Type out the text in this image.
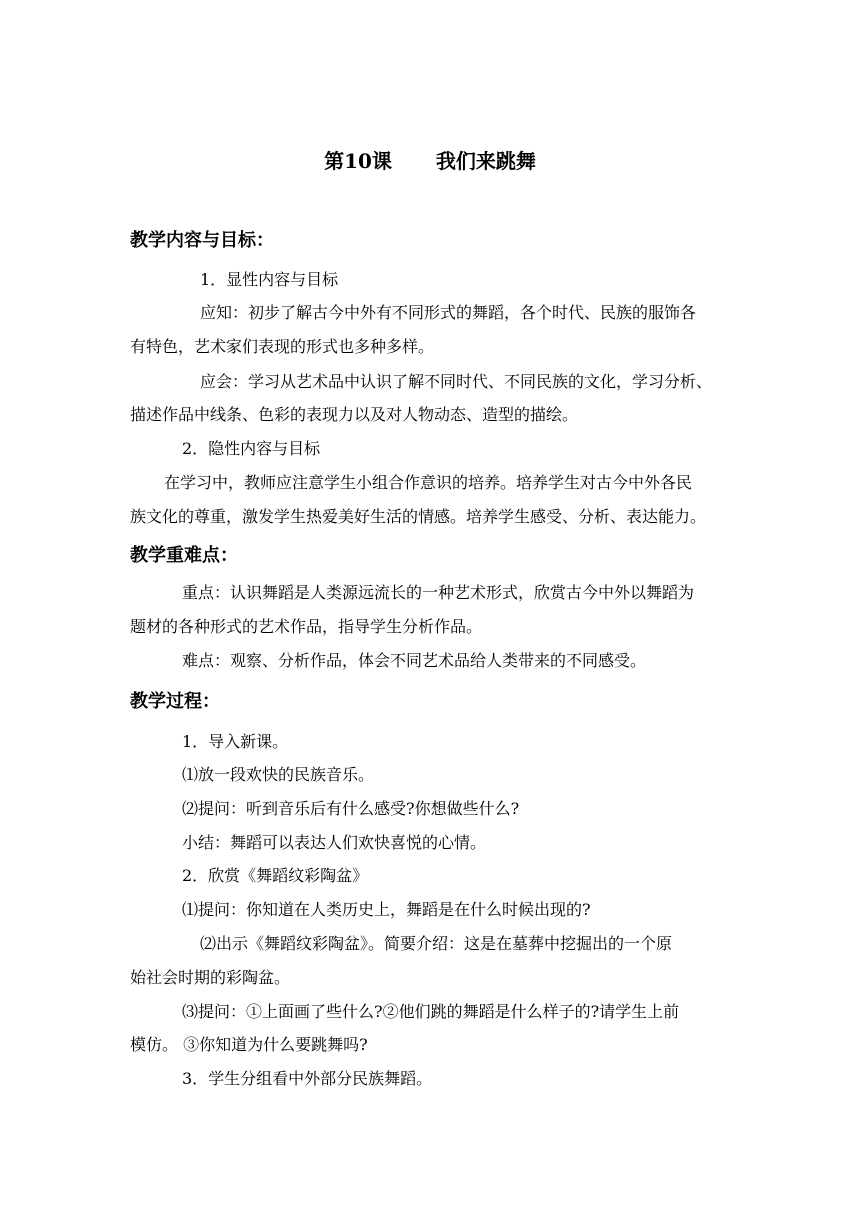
第10课 我们来跳舞
教学内容与目标：
1．显性内容与目标
应知：初步了解古今中外有不同形式的舞蹈，各个时代、民族的服饰各
有特色，艺术家们表现的形式也多种多样。
应会：学习从艺术品中认识了解不同时代、不同民族的文化，学习分析、
描述作品中线条、色彩的表现力以及对人物动态、造型的描绘。
2．隐性内容与目标
在学习中，教师应注意学生小组合作意识的培养。培养学生对古今中外各民
族文化的尊重，激发学生热爱美好生活的情感。培养学生感受、分析、表达能力。
教学重难点：
重点：认识舞蹈是人类源远流长的一种艺术形式，欣赏古今中外以舞蹈为
题材的各种形式的艺术作品，指导学生分析作品。
难点：观察、分析作品，体会不同艺术品给人类带来的不同感受。
教学过程：
1．导入新课。
⑴放一段欢快的民族音乐。
⑵提问：听到音乐后有什么感受?你想做些什么?
小结：舞蹈可以表达人们欢快喜悦的心情。
2．欣赏《舞蹈纹彩陶盆》
⑴提问：你知道在人类历史上，舞蹈是在什么时候出现的?
⑵出示《舞蹈纹彩陶盆》。简要介绍：这是在墓葬中挖掘出的一个原
始社会时期的彩陶盆。
⑶提问：①上面画了些什么?②他们跳的舞蹈是什么样子的?请学生上前
模仿。 ③你知道为什么要跳舞吗?
3．学生分组看中外部分民族舞蹈。
